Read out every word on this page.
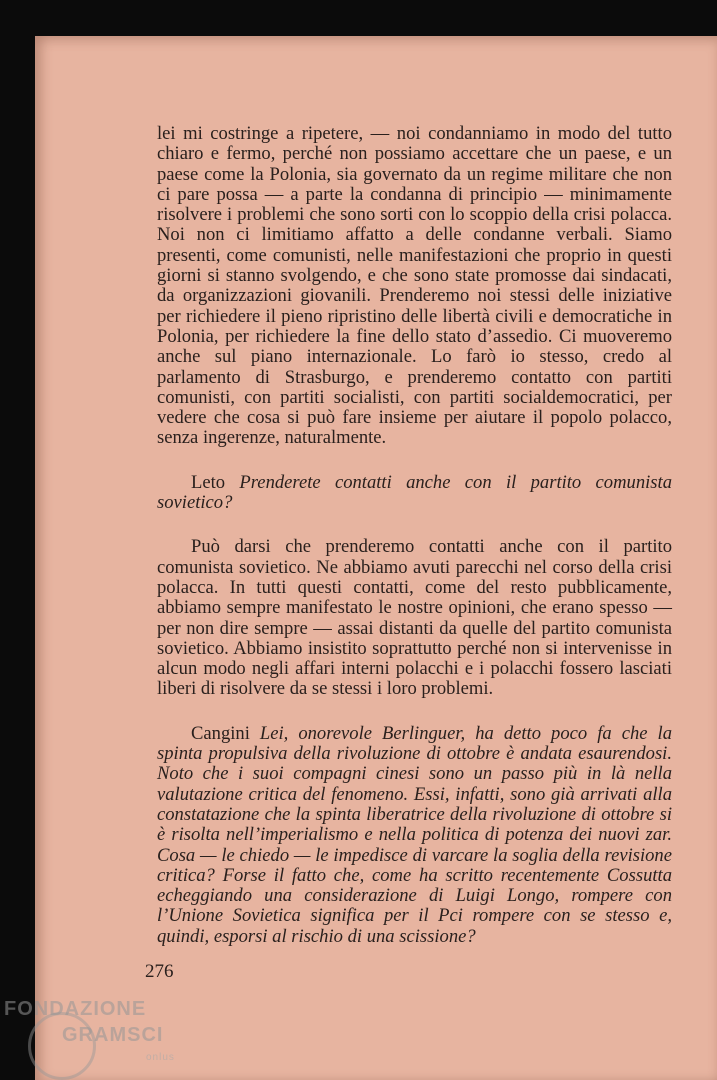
lei mi costringe a ripetere, — noi condanniamo in modo del tutto chiaro e fermo, perché non possiamo accettare che un paese, e un paese come la Polonia, sia governato da un regime militare che non ci pare possa — a parte la condanna di principio — minimamente risolvere i problemi che sono sorti con lo scoppio della crisi polacca. Noi non ci limitiamo affatto a delle condanne verbali. Siamo presenti, come comunisti, nelle manifestazioni che proprio in questi giorni si stanno svolgendo, e che sono state promosse dai sindacati, da organizzazioni giovanili. Prenderemo noi stessi delle iniziative per richiedere il pieno ripristino delle libertà civili e democratiche in Polonia, per richiedere la fine dello stato d’assedio. Ci muoveremo anche sul piano internazionale. Lo farò io stesso, credo al parlamento di Strasburgo, e prenderemo contatto con partiti comunisti, con partiti socialisti, con partiti socialdemocratici, per vedere che cosa si può fare insieme per aiutare il popolo polacco, senza ingerenze, naturalmente.

Leto Prenderete contatti anche con il partito comunista sovietico?

Può darsi che prenderemo contatti anche con il partito comunista sovietico. Ne abbiamo avuti parecchi nel corso della crisi polacca. In tutti questi contatti, come del resto pubblicamente, abbiamo sempre manifestato le nostre opinioni, che erano spesso — per non dire sempre — assai distanti da quelle del partito comunista sovietico. Abbiamo insistito soprattutto perché non si intervenisse in alcun modo negli affari interni polacchi e i polacchi fossero lasciati liberi di risolvere da se stessi i loro problemi.

Cangini Lei, onorevole Berlinguer, ha detto poco fa che la spinta propulsiva della rivoluzione di ottobre è andata esaurendosi. Noto che i suoi compagni cinesi sono un passo più in là nella valutazione critica del fenomeno. Essi, infatti, sono già arrivati alla constatazione che la spinta liberatrice della rivoluzione di ottobre si è risolta nell’imperialismo e nella politica di potenza dei nuovi zar. Cosa — le chiedo — le impedisce di varcare la soglia della revisione critica? Forse il fatto che, come ha scritto recentemente Cossutta echeggiando una considerazione di Luigi Longo, rompere con l’Unione Sovietica significa per il Pci rompere con se stesso e, quindi, esporsi al rischio di una scissione?

276
FONDAZIONE
GRAMSCI
onlus
